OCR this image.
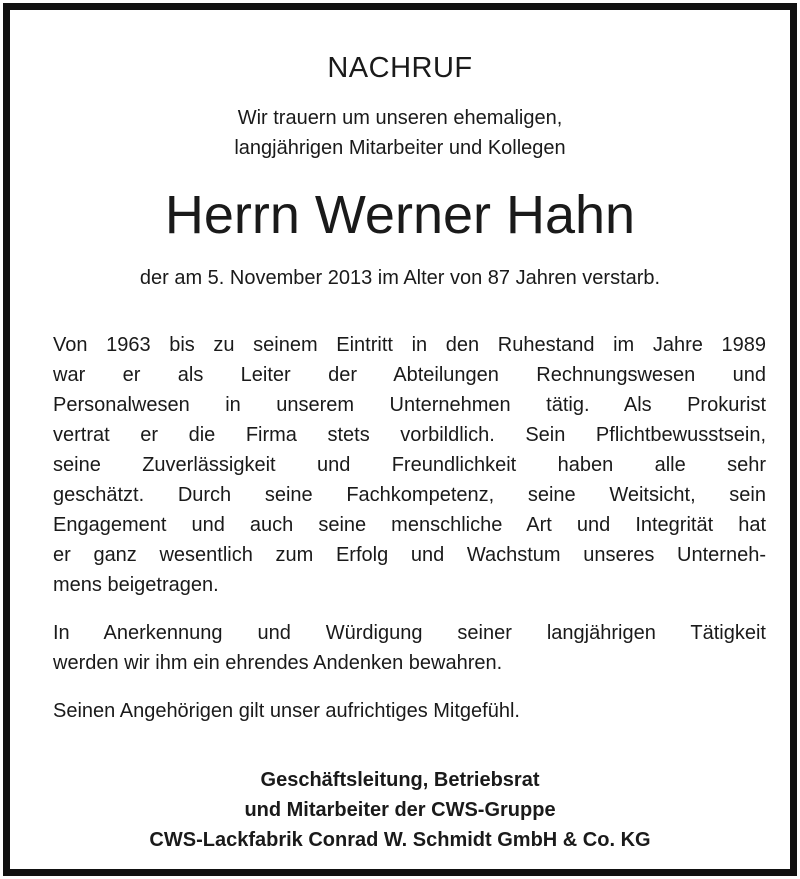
NACHRUF
Wir trauern um unseren ehemaligen,
langjährigen Mitarbeiter und Kollegen
Herrn Werner Hahn
der am 5. November 2013 im Alter von 87 Jahren verstarb.
Von 1963 bis zu seinem Eintritt in den Ruhestand im Jahre 1989
war er als Leiter der Abteilungen Rechnungswesen und
Personalwesen in unserem Unternehmen tätig. Als Prokurist
vertrat er die Firma stets vorbildlich. Sein Pflichtbewusstsein,
seine Zuverlässigkeit und Freundlichkeit haben alle sehr
geschätzt. Durch seine Fachkompetenz, seine Weitsicht, sein
Engagement und auch seine menschliche Art und Integrität hat
er ganz wesentlich zum Erfolg und Wachstum unseres Unterneh-
mens beigetragen.
In Anerkennung und Würdigung seiner langjährigen Tätigkeit
werden wir ihm ein ehrendes Andenken bewahren.
Seinen Angehörigen gilt unser aufrichtiges Mitgefühl.
Geschäftsleitung, Betriebsrat
und Mitarbeiter der CWS-Gruppe
CWS-Lackfabrik Conrad W. Schmidt GmbH & Co. KG
